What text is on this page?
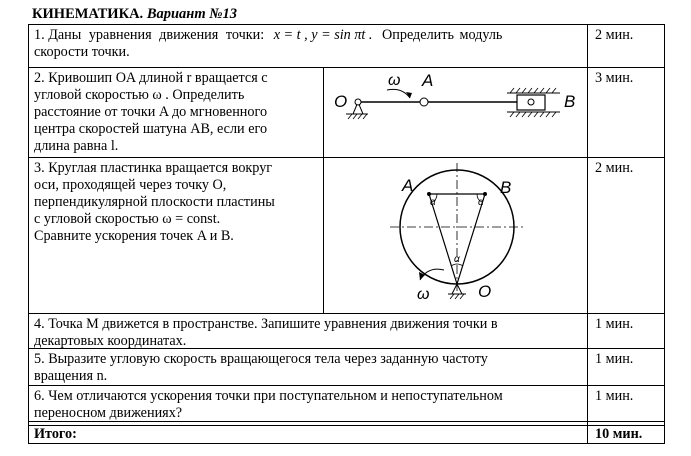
КИНЕМАТИКА. Вариант №13
1. Даны уравнения движения точки: x = t , y = sin πt . Определить модуль
скорости точки.
2 мин.
2. Кривошип OA длиной r вращается с
угловой скоростью ω . Определить
расстояние от точки A до мгновенного
центра скоростей шатуна AB, если его
длина равна l.
3 мин.
ω A
O	B
3. Круглая пластинка вращается вокруг
оси, проходящей через точку O,
перпендикулярной плоскости пластины
с угловой скоростью ω = const.
Сравните ускорения точек A и B.
2 мин.
A	B
α	α
α
ω	O
4. Точка М движется в пространстве. Запишите уравнения движения точки в
декартовых координатах.
1 мин.
5. Выразите угловую скорость вращающегося тела через заданную частоту
вращения n.
1 мин.
6. Чем отличаются ускорения точки при поступательном и непоступательном
переносном движениях?
1 мин.
Итого:	10 мин.
